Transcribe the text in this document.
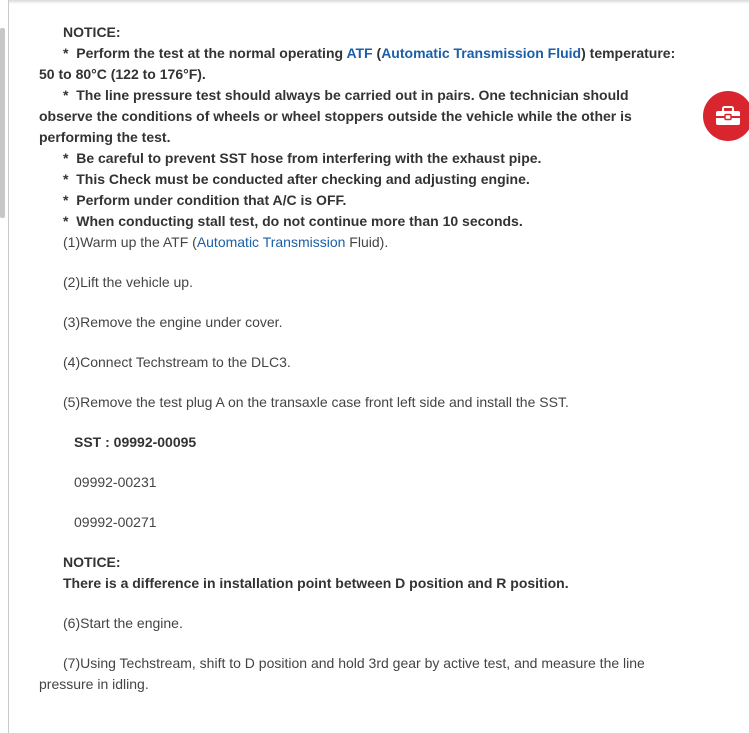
NOTICE:

* Perform the test at the normal operating ATF (Automatic Transmission Fluid) temperature: 50 to 80°C (122 to 176°F).

* The line pressure test should always be carried out in pairs. One technician should observe the conditions of wheels or wheel stoppers outside the vehicle while the other is performing the test.

* Be careful to prevent SST hose from interfering with the exhaust pipe.

* This Check must be conducted after checking and adjusting engine.

* Perform under condition that A/C is OFF.

* When conducting stall test, do not continue more than 10 seconds.

(1)Warm up the ATF (Automatic Transmission Fluid).

(2)Lift the vehicle up.

(3)Remove the engine under cover.

(4)Connect Techstream to the DLC3.

(5)Remove the test plug A on the transaxle case front left side and install the SST.

SST : 09992-00095

09992-00231

09992-00271

NOTICE:

There is a difference in installation point between D position and R position.

(6)Start the engine.

(7)Using Techstream, shift to D position and hold 3rd gear by active test, and measure the line pressure in idling.
